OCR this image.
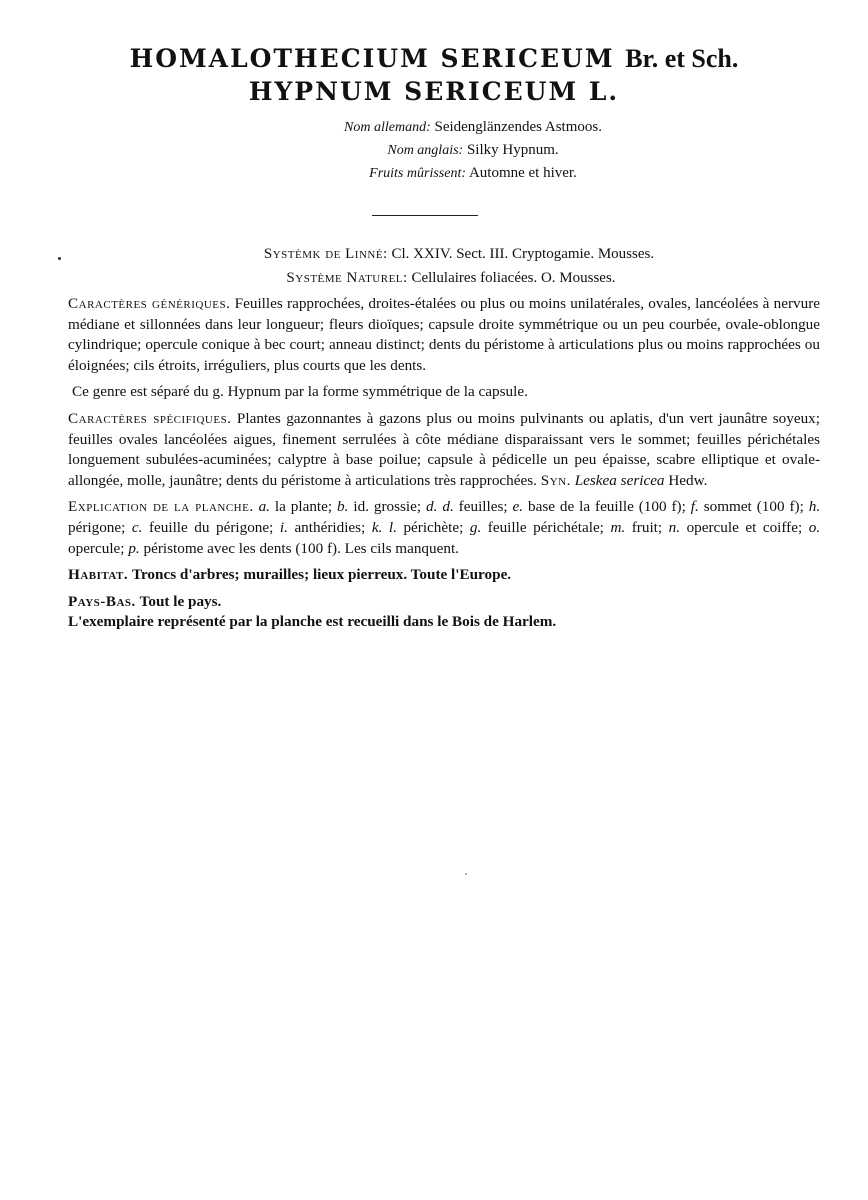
HOMALOTHECIUM SERICEUM Br. et Sch.
HYPNUM SERICEUM L.
Nom allemand: Seidenglänzendes Astmoos.
Nom anglais: Silky Hypnum.
Fruits mûrissent: Automne et hiver.
Systèmk de Linné: Cl. XXIV. Sect. III. Cryptogamie. Mousses.
Système Naturel: Cellulaires foliacées. O. Mousses.

Caractères génériques. Feuilles rapprochées, droites-étalées ou plus ou moins unilatérales, ovales, lancéolées à nervure médiane et sillonnées dans leur longueur; fleurs dioïques; capsule droite symmétrique ou un peu courbée, ovale-oblongue cylindrique; opercule conique à bec court; anneau distinct; dents du péristome à articulations plus ou moins rapprochées ou éloignées; cils étroits, irréguliers, plus courts que les dents.

Ce genre est séparé du g. Hypnum par la forme symmétrique de la capsule.

Caractères spécifiques. Plantes gazonnantes à gazons plus ou moins pulvinants ou aplatis, d'un vert jaunâtre soyeux; feuilles ovales lancéolées aigues, finement serrulées à côte médiane disparaissant vers le sommet; feuilles périchétales longuement subulées-acuminées; calyptre à base poilue; capsule à pédicelle un peu épaisse, scabre elliptique et ovale-allongée, molle, jaunâtre; dents du péristome à articulations très rapprochées. Syn. Leskea sericea Hedw.

Explication de la planche. a. la plante; b. id. grossie; d. d. feuilles; e. base de la feuille (100 f); f. sommet (100 f); h. périgone; c. feuille du périgone; i. anthéridies; k. l. périchète; g. feuille périchétale; m. fruit; n. opercule et coiffe; o. opercule; p. péristome avec les dents (100 f). Les cils manquent.

Habitat. Troncs d'arbres; murailles; lieux pierreux. Toute l'Europe.

Pays-Bas. Tout le pays.

L'exemplaire représenté par la planche est recueilli dans le Bois de Harlem.
